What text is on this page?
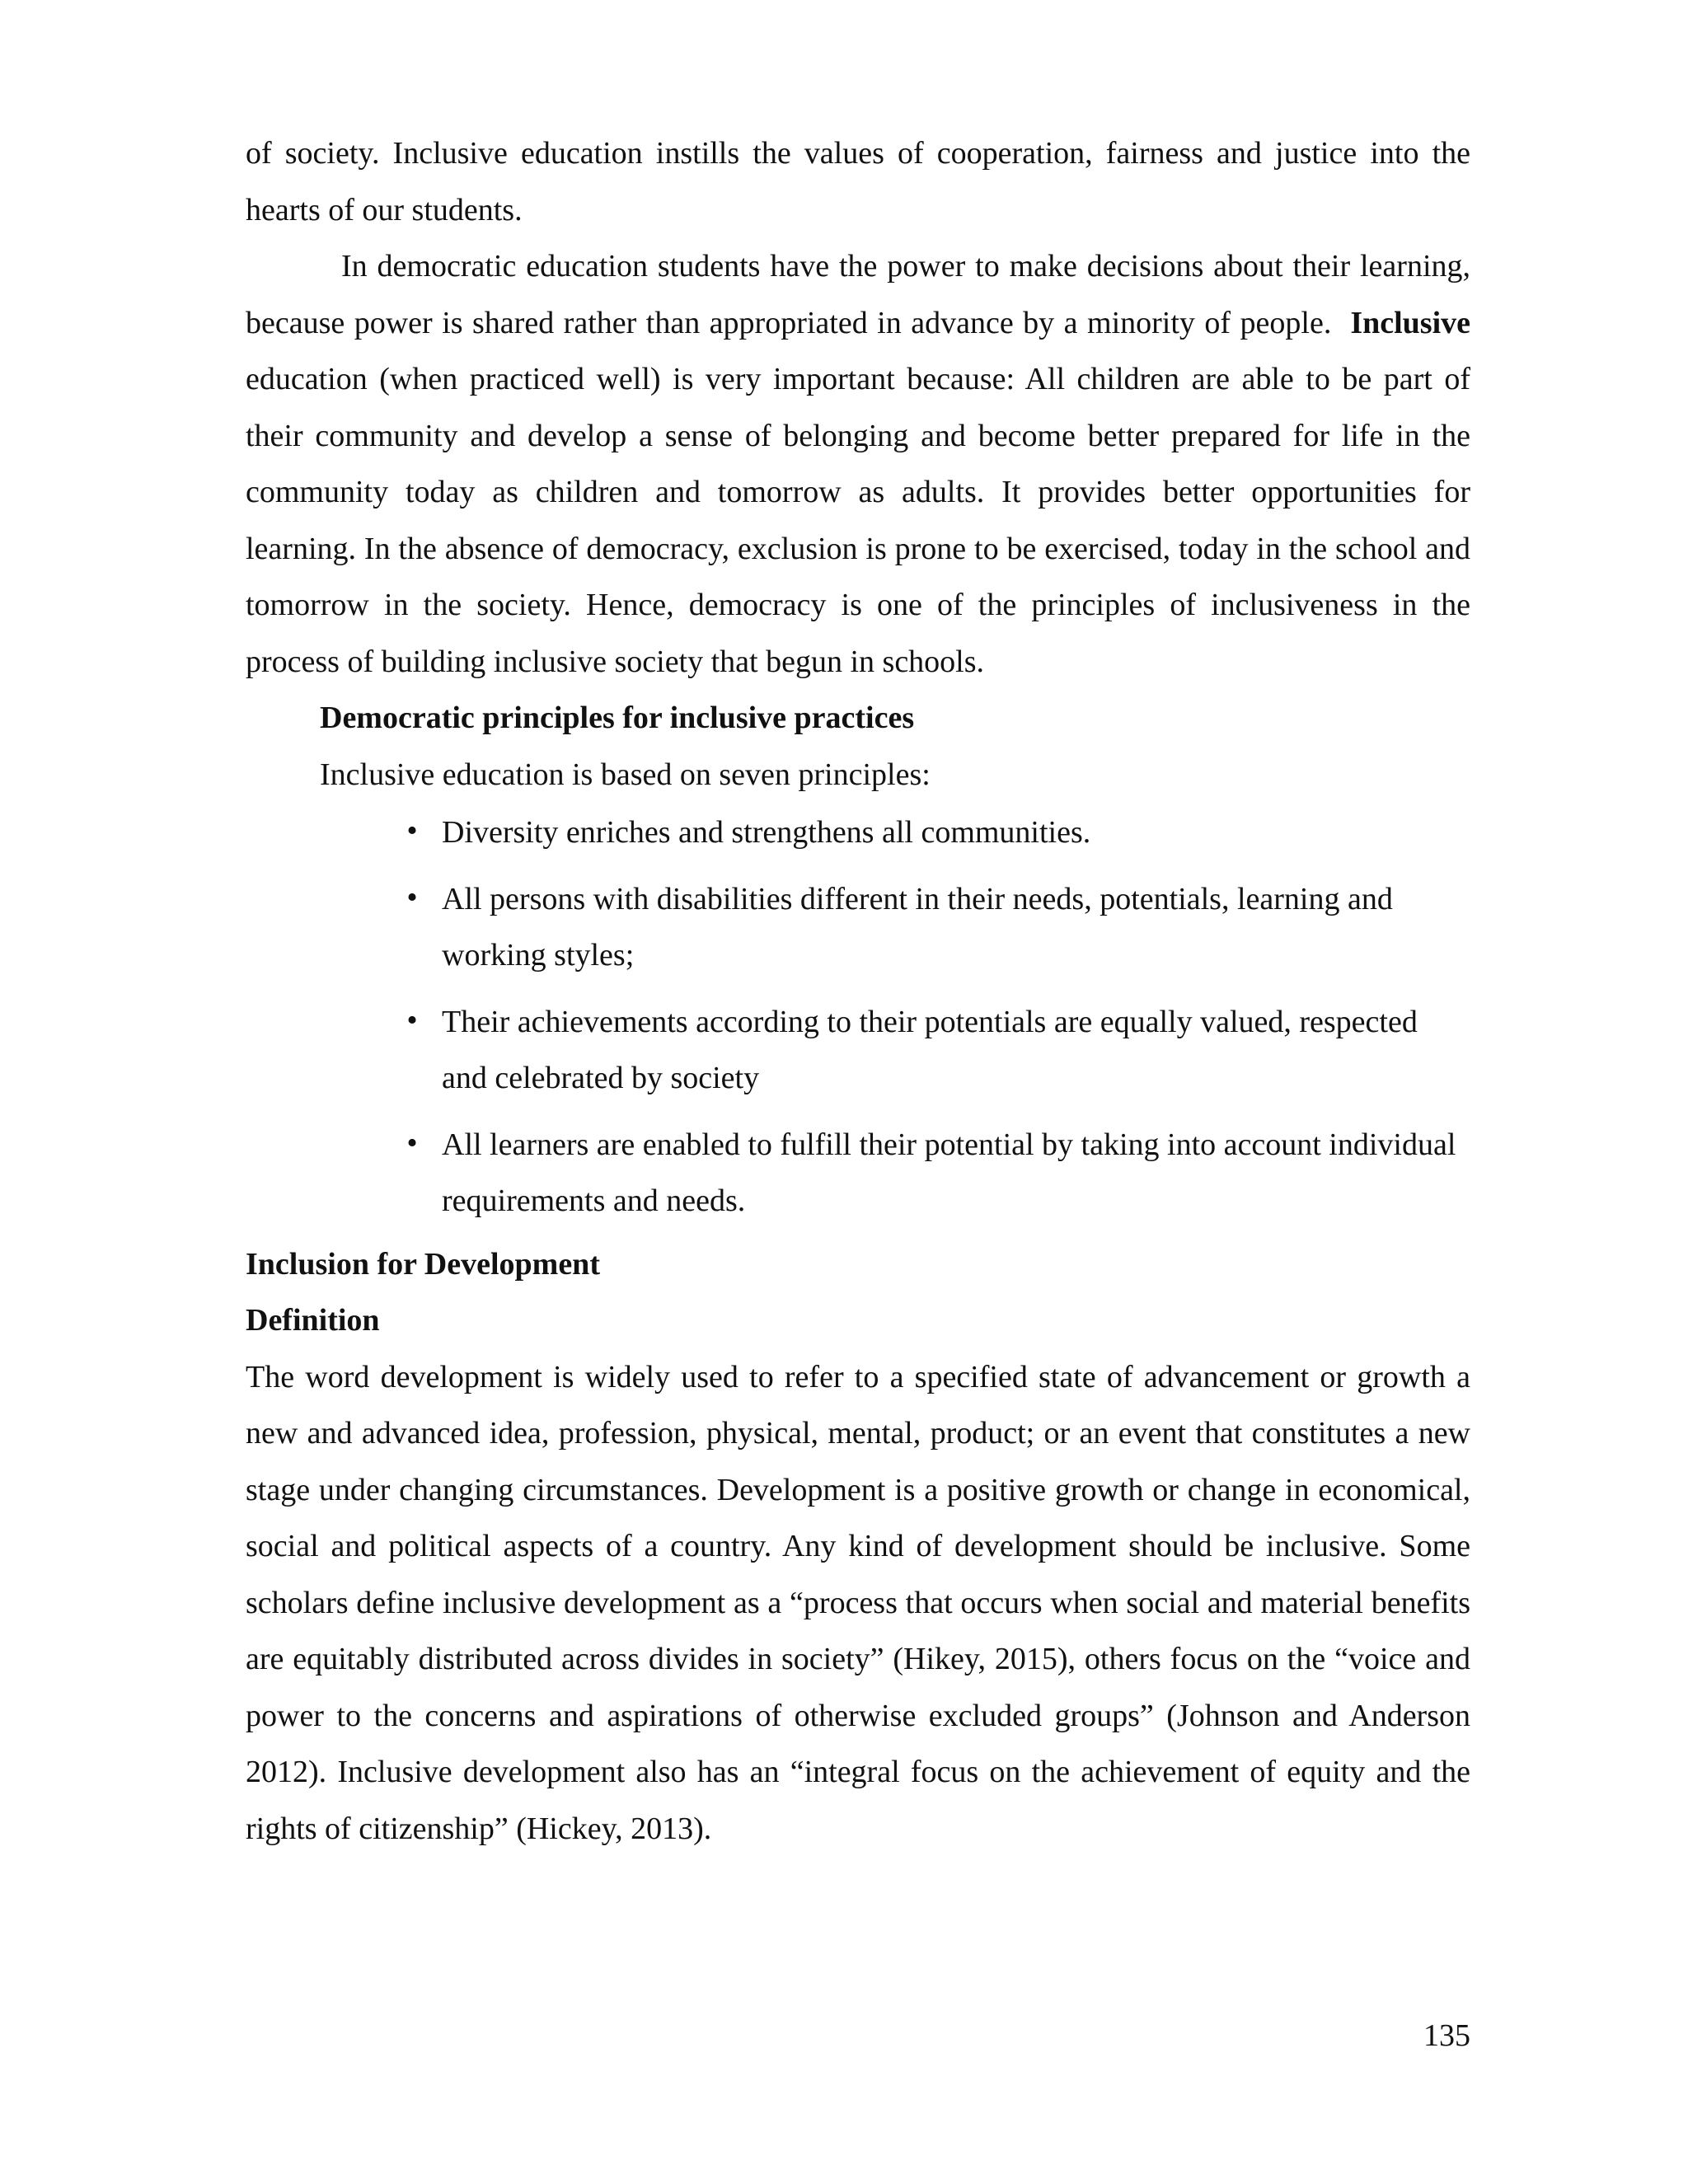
of society. Inclusive education instills the values of cooperation, fairness and justice into the hearts of our students.

In democratic education students have the power to make decisions about their learning, because power is shared rather than appropriated in advance by a minority of people. Inclusive education (when practiced well) is very important because: All children are able to be part of their community and develop a sense of belonging and become better prepared for life in the community today as children and tomorrow as adults. It provides better opportunities for learning. In the absence of democracy, exclusion is prone to be exercised, today in the school and tomorrow in the society. Hence, democracy is one of the principles of inclusiveness in the process of building inclusive society that begun in schools.

Democratic principles for inclusive practices

Inclusive education is based on seven principles:

• Diversity enriches and strengthens all communities.
• All persons with disabilities different in their needs, potentials, learning and working styles;
• Their achievements according to their potentials are equally valued, respected and celebrated by society
• All learners are enabled to fulfill their potential by taking into account individual requirements and needs.

Inclusion for Development

Definition

The word development is widely used to refer to a specified state of advancement or growth a new and advanced idea, profession, physical, mental, product; or an event that constitutes a new stage under changing circumstances. Development is a positive growth or change in economical, social and political aspects of a country. Any kind of development should be inclusive. Some scholars define inclusive development as a “process that occurs when social and material benefits are equitably distributed across divides in society” (Hikey, 2015), others focus on the “voice and power to the concerns and aspirations of otherwise excluded groups” (Johnson and Anderson 2012). Inclusive development also has an “integral focus on the achievement of equity and the rights of citizenship” (Hickey, 2013).

135
